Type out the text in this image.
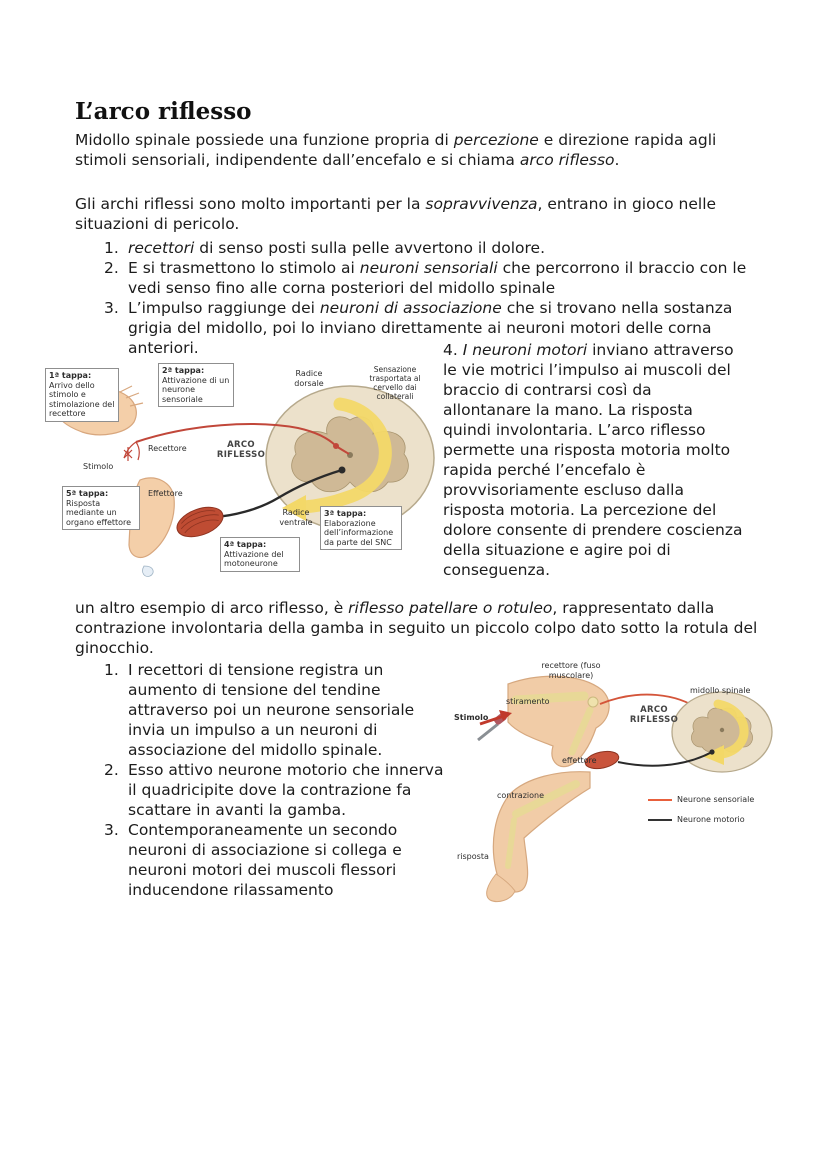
L’arco riflesso
Midollo spinale possiede una funzione propria di percezione e direzione rapida agli stimoli sensoriali, indipendente dall’encefalo e si chiama arco riflesso.
Gli archi riflessi sono molto importanti per la sopravvivenza, entrano in gioco nelle situazioni di pericolo.
1. recettori di senso posti sulla pelle avvertono il dolore.
2. E si trasmettono lo stimolo ai neuroni sensoriali che percorrono il braccio con le vedi senso fino alle corna posteriori del midollo spinale
3. L’impulso raggiunge dei neuroni di associazione che si trovano nella sostanza grigia del midollo, poi lo inviano direttamente ai neuroni motori delle corna anteriori.
1ª tappa: Arrivo dello stimolo e stimolazione del recettore
2ª tappa: Attivazione di un neurone sensoriale
Radice dorsale
Sensazione trasportata al cervello dai collaterali
Recettore	ARCO RIFLESSO
Stimolo
5ª tappa: Risposta mediante un organo effettore
Effettore
Radice ventrale
3ª tappa: Elaborazione dell’informazione da parte del SNC
4ª tappa: Attivazione del motoneurone
4. I neuroni motori inviano attraverso le vie motrici l’impulso ai muscoli del braccio di contrarsi così da allontanare la mano. La risposta quindi involontaria. L’arco riflesso permette una risposta motoria molto rapida perché l’encefalo è provvisoriamente escluso dalla risposta motoria. La percezione del dolore consente di prendere coscienza della situazione e agire poi di conseguenza.
un altro esempio di arco riflesso, è riflesso patellare o rotuleo, rappresentato dalla contrazione involontaria della gamba in seguito un piccolo colpo dato sotto la rotula del ginocchio.
1. I recettori di tensione registra un aumento di tensione del tendine attraverso poi un neurone sensoriale invia un impulso a un neuroni di associazione del midollo spinale.
2. Esso attivo neurone motorio che innerva il quadricipite dove la contrazione fa scattare in avanti la gamba.
3. Contemporaneamente un secondo neuroni di associazione si collega e neuroni motori dei muscoli flessori inducendone rilassamento
recettore (fuso muscolare)
stiramento
midollo spinale
Stimolo
ARCO RIFLESSO
effettore
contrazione	Neurone sensoriale
Neurone motorio
risposta
